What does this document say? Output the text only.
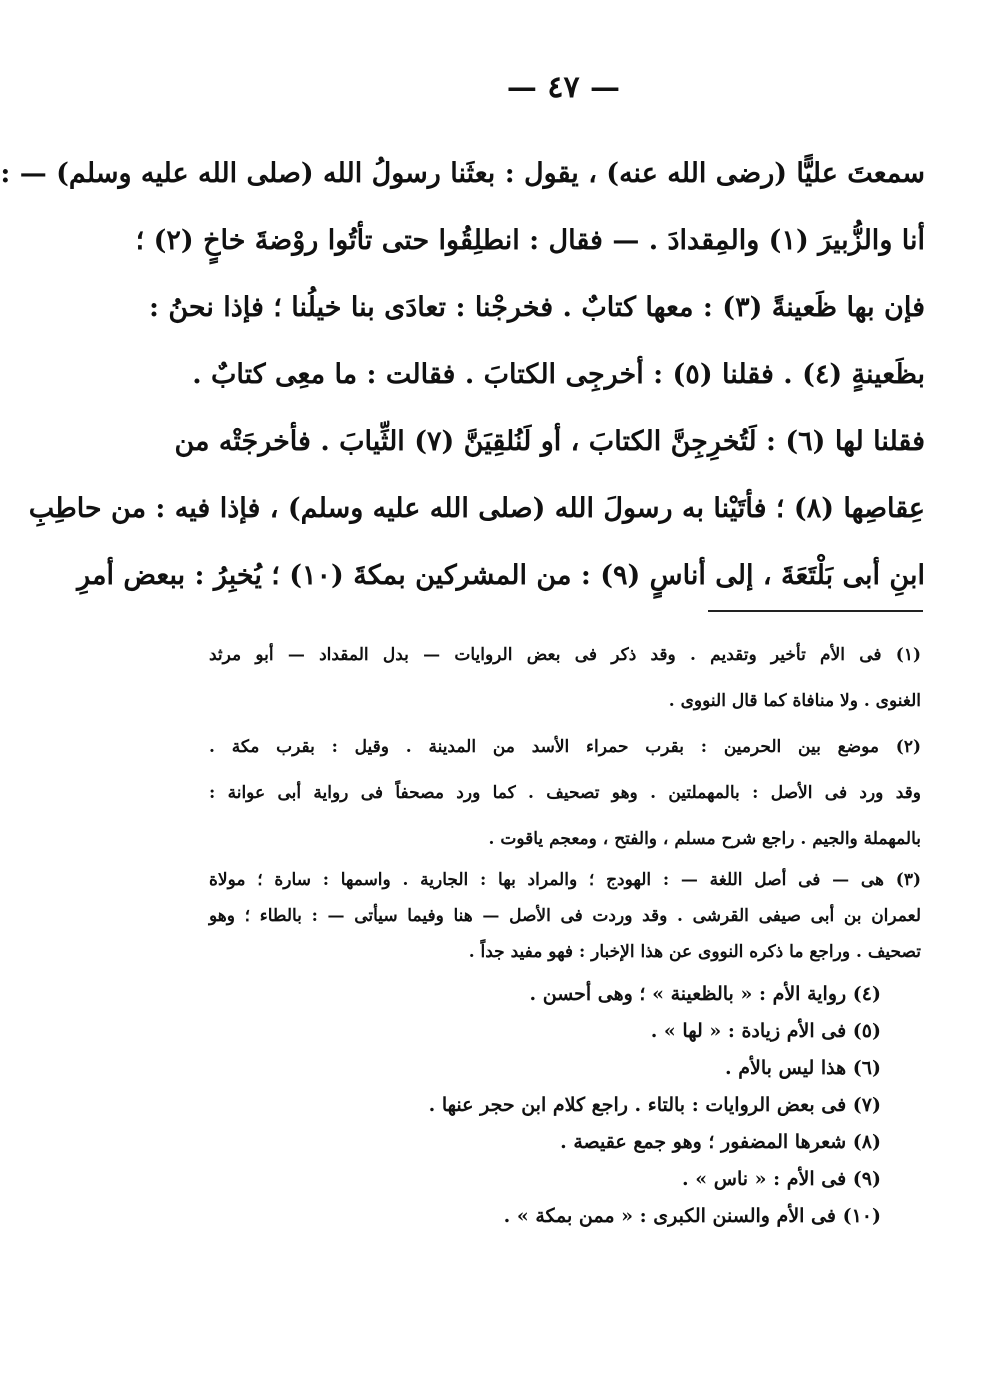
— ٤٧ —
سمعتَ عليًّا (رضى الله عنه) ، يقول : بعثَنا رسولُ الله (صلى الله عليه وسلم) — :
أنا والزُّبيرَ (١) والمِقدادَ . — فقال : انطلِقُوا حتى تأتُوا روْضةَ خاخٍ (٢) ؛
فإن بها ظَعينةً (٣) : معها كتابٌ . فخرجْنا : تعادَى بنا خيلُنا ؛ فإذا نحنُ :
بظَعينةٍ (٤) . فقلنا (٥) : أخرجِى الكتابَ . فقالت : ما معِى كتابٌ .
فقلنا لها (٦) : لَتُخرِجِنَّ الكتابَ ، أو لَنُلقِيَنَّ (٧) الثِّيابَ . فأخرجَتْه من
عِقاصِها (٨) ؛ فأتَيْنا به رسولَ الله (صلى الله عليه وسلم) ، فإذا فيه : من حاطِبِ
ابنِ أبى بَلْتَعَةَ ، إلى أناسٍ (٩) : من المشركين بمكةَ (١٠) ؛ يُخبِرُ : ببعض أمرِ
(١) فى الأم تأخير وتقديم . وقد ذكر فى بعض الروايات — بدل المقداد — أبو مرثد
الغنوى . ولا منافاة كما قال النووى .
(٢) موضع بين الحرمين : بقرب حمراء الأسد من المدينة . وقيل : بقرب مكة .
وقد ورد فى الأصل : بالمهملتين . وهو تصحيف . كما ورد مصحفاً فى رواية أبى عوانة :
بالمهملة والجيم . راجع شرح مسلم ، والفتح ، ومعجم ياقوت .
(٣) هى — فى أصل اللغة — : الهودج ؛ والمراد بها : الجارية . واسمها : سارة ؛ مولاة
لعمران بن أبى صيفى القرشى . وقد وردت فى الأصل — هنا وفيما سيأتى — : بالطاء ؛ وهو
تصحيف . وراجع ما ذكره النووى عن هذا الإخبار : فهو مفيد جداً .
(٤) رواية الأم : « بالظعينة » ؛ وهى أحسن .
(٥) فى الأم زيادة : « لها » .
(٦) هذا ليس بالأم .
(٧) فى بعض الروايات : بالتاء . راجع كلام ابن حجر عنها .
(٨) شعرها المضفور ؛ وهو جمع عقيصة .
(٩) فى الأم : « ناس » .
(١٠) فى الأم والسنن الكبرى : « ممن بمكة » .
